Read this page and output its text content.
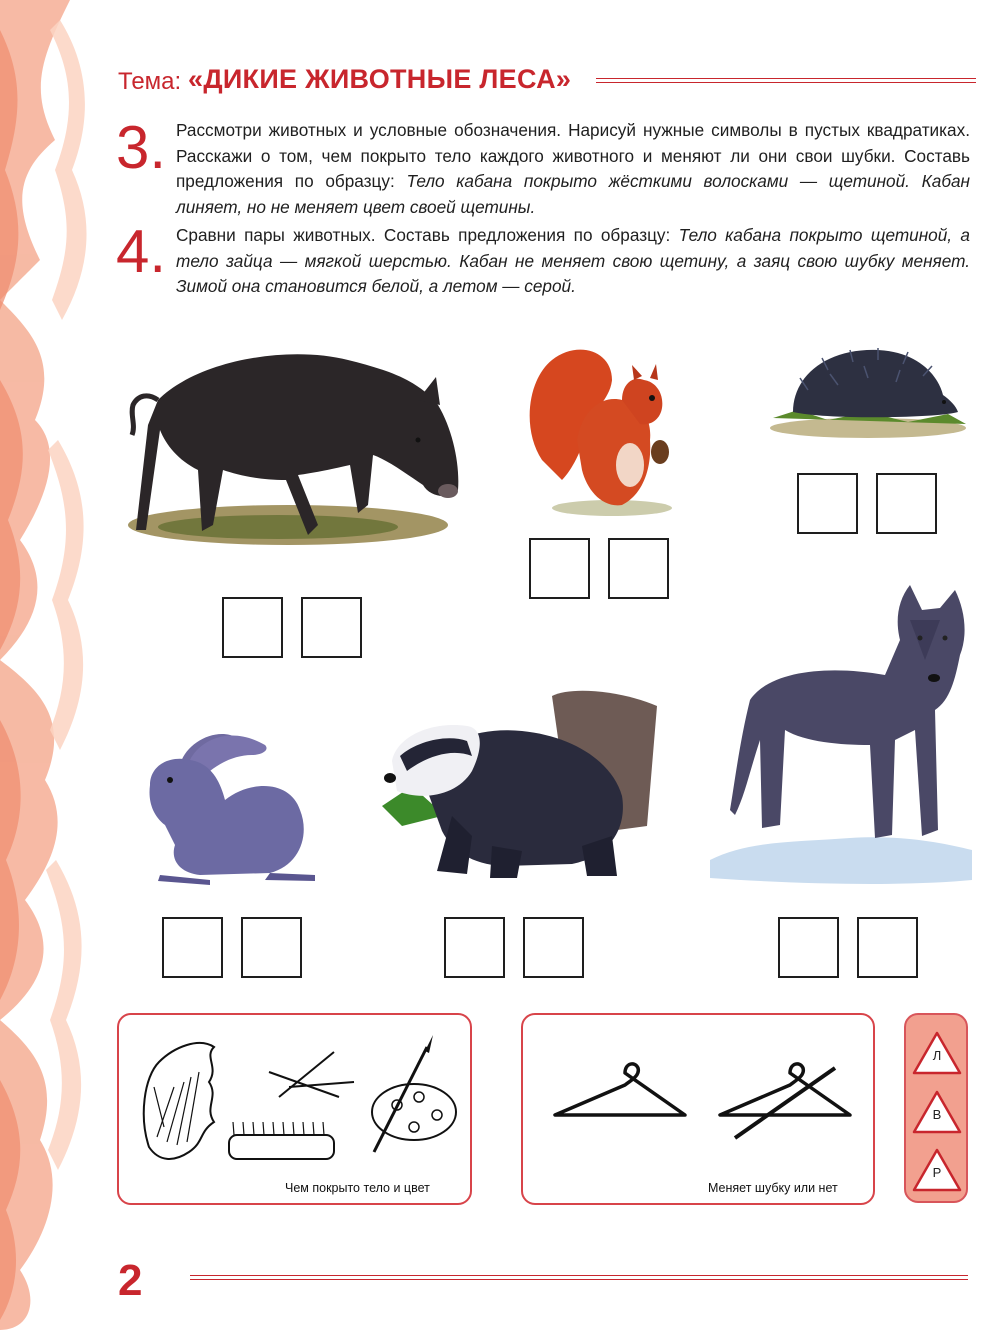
Тема: «ДИКИЕ ЖИВОТНЫЕ ЛЕСА»
3. Рассмотри животных и условные обозначения. Нарисуй нужные символы в пустых квадратиках. Расскажи о том, чем покрыто тело каждого животного и меняют ли они свои шубки. Составь предложения по образцу: Тело кабана покрыто жёсткими волосками — щетиной. Кабан линяет, но не меняет цвет своей щетины.
4. Сравни пары животных. Составь предложения по образцу: Тело кабана покрыто щетиной, а тело зайца — мягкой шерстью. Кабан не меняет свою щетину, а заяц свою шубку меняет. Зимой она становится белой, а летом — серой.
Чем покрыто тело и цвет	Меняет шубку или нет
Л
В
Р
2
